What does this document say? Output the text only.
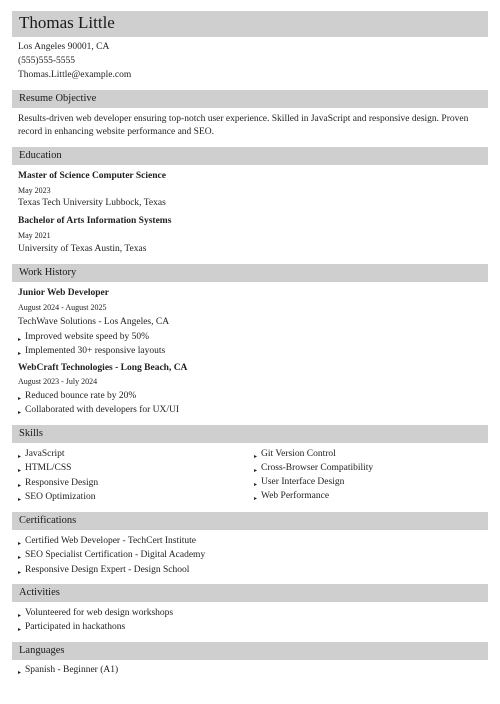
Thomas Little
Los Angeles 90001, CA
(555)555-5555
Thomas.Little@example.com
Resume Objective
Results-driven web developer ensuring top-notch user experience. Skilled in JavaScript and responsive design. Proven record in enhancing website performance and SEO.
Education
Master of Science Computer Science
May 2023
Texas Tech University Lubbock, Texas
Bachelor of Arts Information Systems
May 2021
University of Texas Austin, Texas
Work History
Junior Web Developer
August 2024 - August 2025
TechWave Solutions - Los Angeles, CA
▸ Improved website speed by 50%
▸ Implemented 30+ responsive layouts
WebCraft Technologies - Long Beach, CA
August 2023 - July 2024
▸ Reduced bounce rate by 20%
▸ Collaborated with developers for UX/UI
Skills
▸ JavaScript
▸ HTML/CSS
▸ Responsive Design
▸ SEO Optimization
▸ Git Version Control
▸ Cross-Browser Compatibility
▸ User Interface Design
▸ Web Performance
Certifications
▸ Certified Web Developer - TechCert Institute
▸ SEO Specialist Certification - Digital Academy
▸ Responsive Design Expert - Design School
Activities
▸ Volunteered for web design workshops
▸ Participated in hackathons
Languages
▸ Spanish - Beginner (A1)
